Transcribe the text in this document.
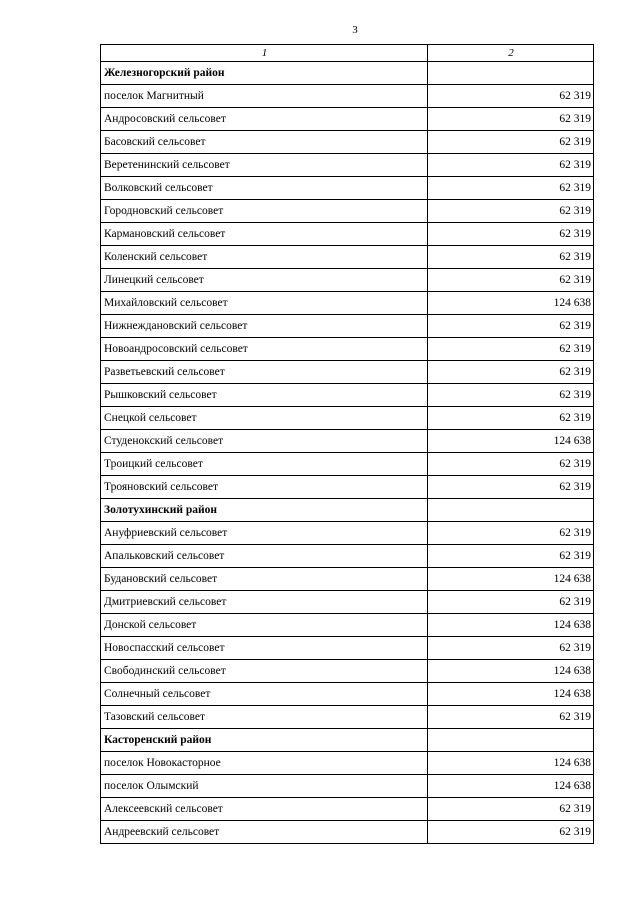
3
1	2
Железногорский район	
поселок Магнитный	62 319
Андросовский сельсовет	62 319
Басовский сельсовет	62 319
Веретенинский сельсовет	62 319
Волковский сельсовет	62 319
Городновский сельсовет	62 319
Кармановский сельсовет	62 319
Коленский сельсовет	62 319
Линецкий сельсовет	62 319
Михайловский сельсовет	124 638
Нижнеждановский сельсовет	62 319
Новоандросовский сельсовет	62 319
Разветьевский сельсовет	62 319
Рышковский сельсовет	62 319
Снецкой сельсовет	62 319
Студенокский сельсовет	124 638
Троицкий сельсовет	62 319
Трояновский сельсовет	62 319
Золотухинский район	
Ануфриевский сельсовет	62 319
Апальковский сельсовет	62 319
Будановский сельсовет	124 638
Дмитриевский сельсовет	62 319
Донской сельсовет	124 638
Новоспасский сельсовет	62 319
Свободинский сельсовет	124 638
Солнечный сельсовет	124 638
Тазовский сельсовет	62 319
Касторенский район	
поселок Новокасторное	124 638
поселок Олымский	124 638
Алексеевский сельсовет	62 319
Андреевский сельсовет	62 319
